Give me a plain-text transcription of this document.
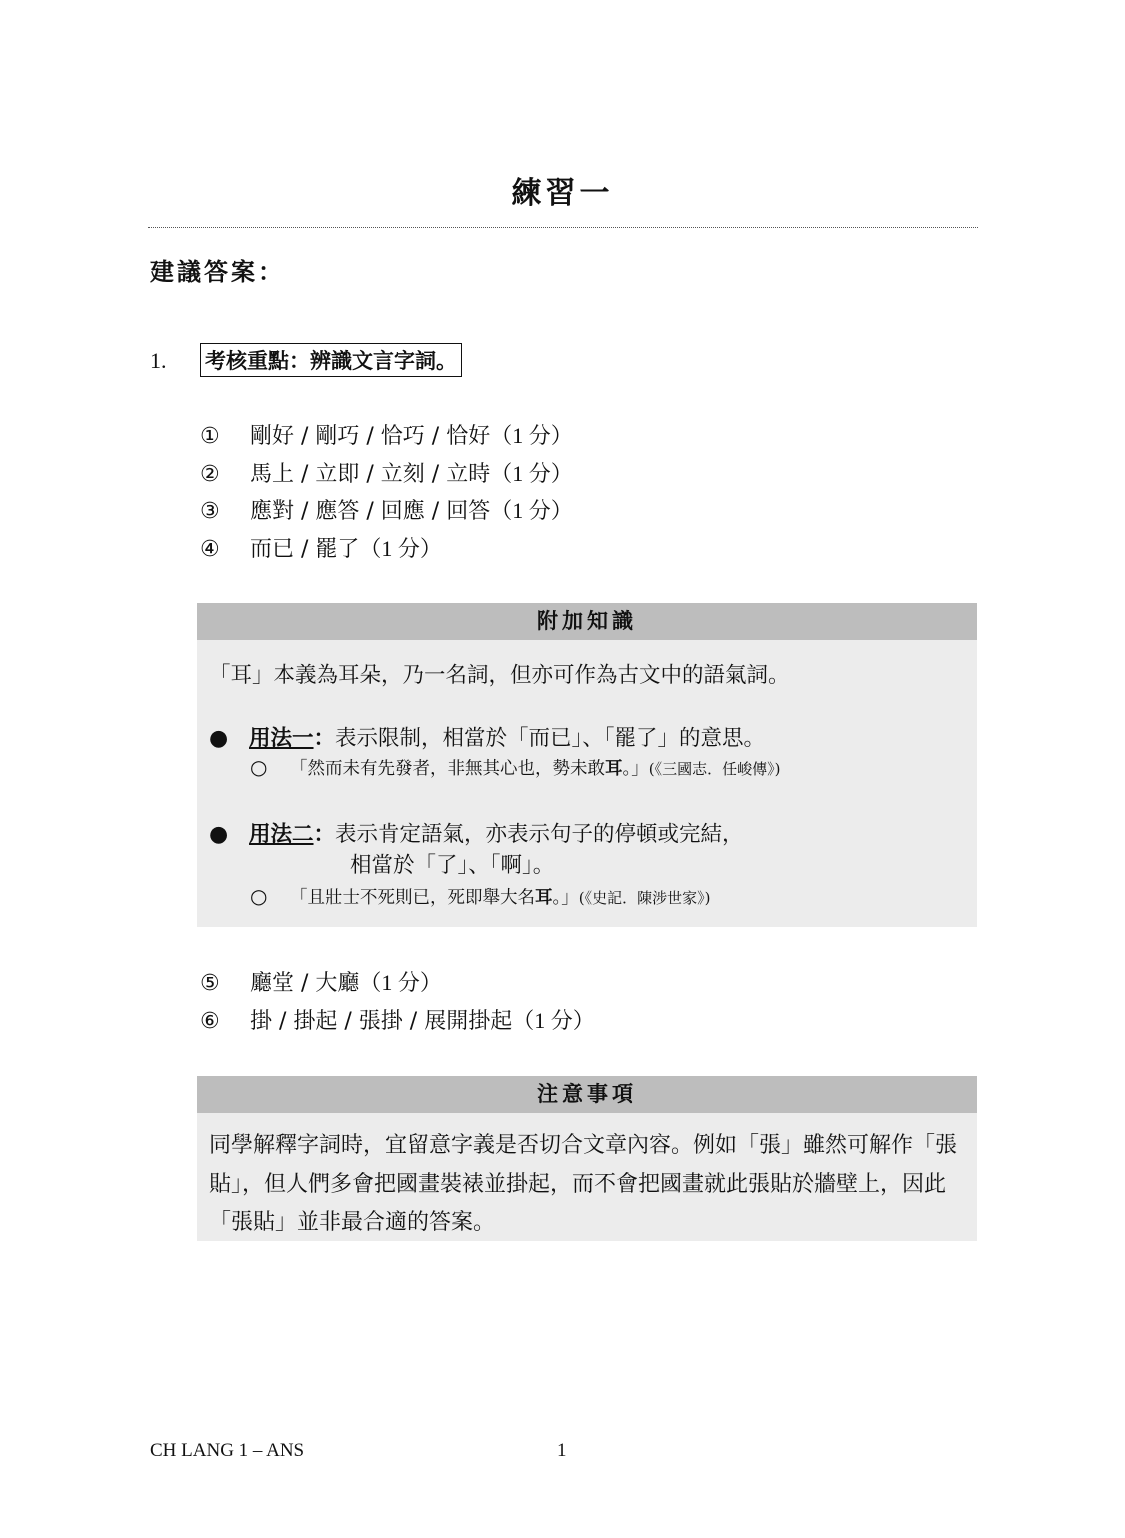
練習一
建議答案：
1. 考核重點：辨識文言字詞。
① 剛好 / 剛巧 / 恰巧 / 恰好（1 分）
② 馬上 / 立即 / 立刻 / 立時（1 分）
③ 應對 / 應答 / 回應 / 回答（1 分）
④ 而已 / 罷了（1 分）
附加知識
「耳」本義為耳朵，乃一名詞，但亦可作為古文中的語氣詞。
● 用法一：表示限制，相當於「而已」、「罷了」的意思。
○ 「然而未有先發者，非無其心也，勢未敢耳。」(《三國志．任峻傳》)
● 用法二：表示肯定語氣，亦表示句子的停頓或完結，
相當於「了」、「啊」。
○ 「且壯士不死則已，死即舉大名耳。」(《史記．陳涉世家》)
⑤ 廳堂 / 大廳（1 分）
⑥ 掛 / 掛起 / 張掛 / 展開掛起（1 分）
注意事項
同學解釋字詞時，宜留意字義是否切合文章內容。例如「張」雖然可解作「張貼」，但人們多會把國畫裝裱並掛起，而不會把國畫就此張貼於牆壁上，因此「張貼」並非最合適的答案。
CH LANG 1 – ANS	1
